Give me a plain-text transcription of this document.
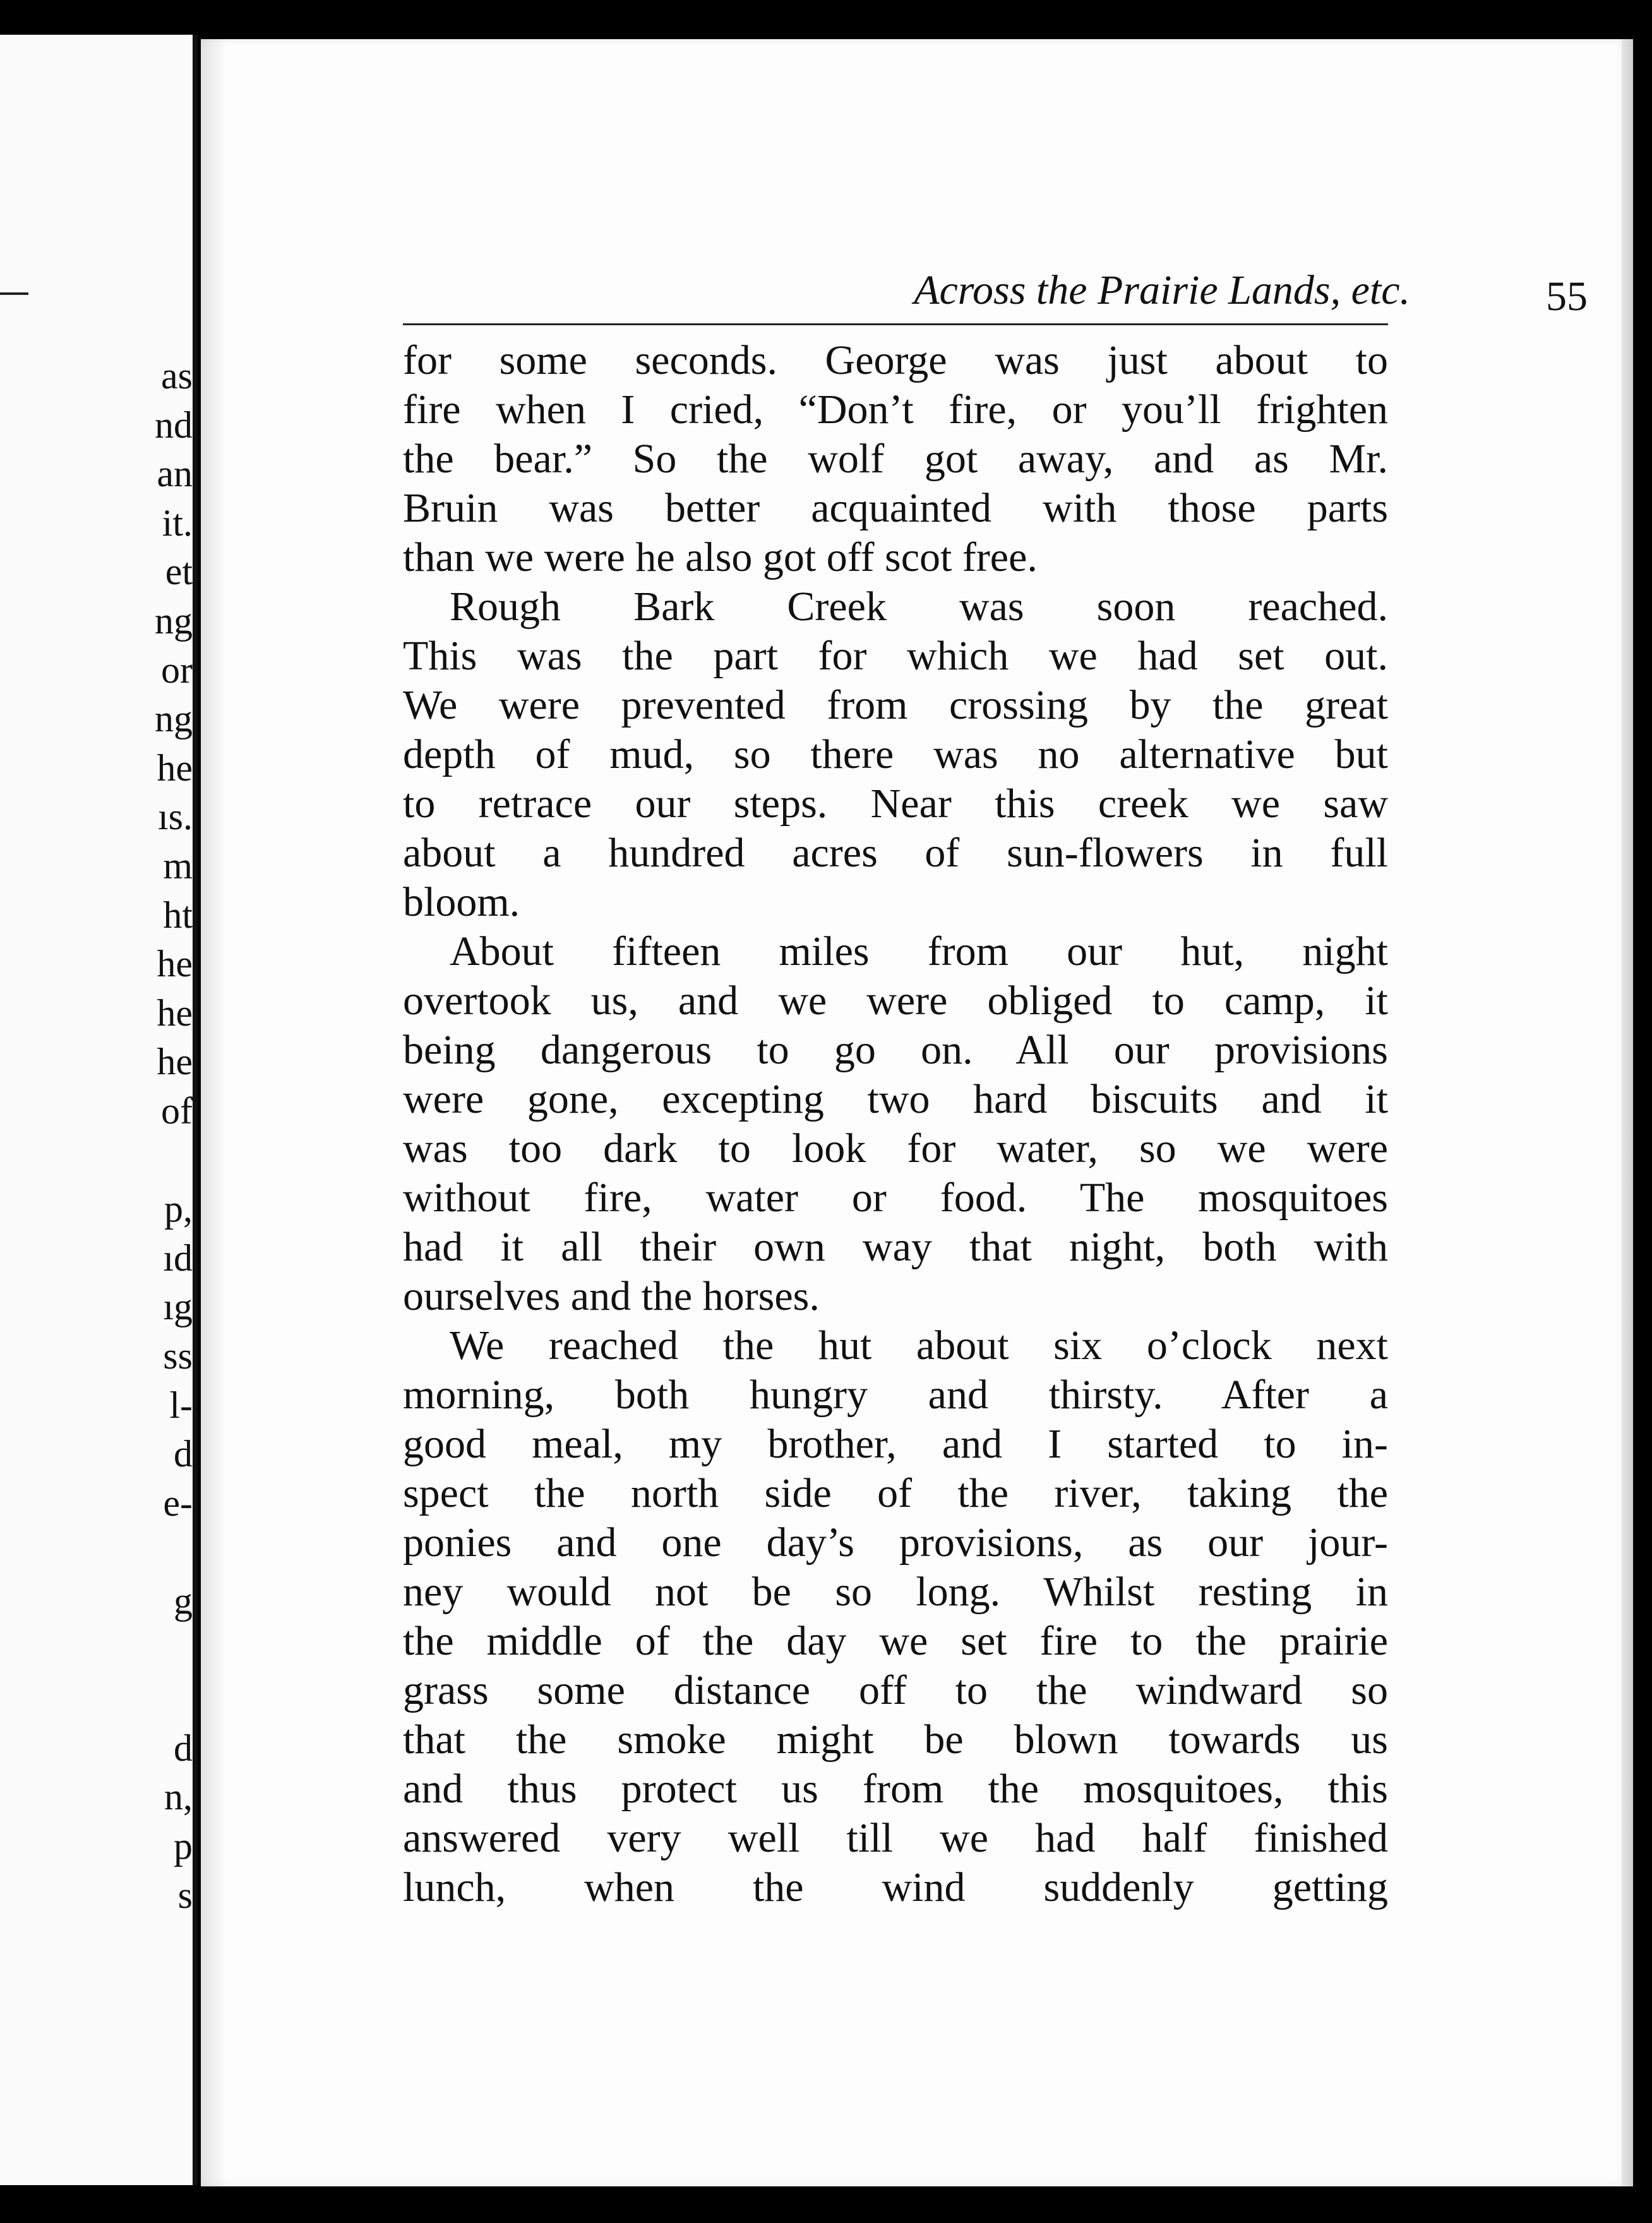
as
nd
an
it.
et
ng
or
ng
he
ıs.
m
ht
he
he
he
of
p,
ıd
ıg
ss
l-
d
e-
g
d
n,
p
s
Across the Prairie Lands, etc.	55
for some seconds. George was just about to
fire when I cried, “Don’t fire, or you’ll frighten
the bear.” So the wolf got away, and as Mr.
Bruin was better acquainted with those parts
than we were he also got off scot free.
Rough Bark Creek was soon reached.
This was the part for which we had set out.
We were prevented from crossing by the great
depth of mud, so there was no alternative but
to retrace our steps. Near this creek we saw
about a hundred acres of sun-flowers in full
bloom.
About fifteen miles from our hut, night
overtook us, and we were obliged to camp, it
being dangerous to go on. All our provisions
were gone, excepting two hard biscuits and it
was too dark to look for water, so we were
without fire, water or food. The mosquitoes
had it all their own way that night, both with
ourselves and the horses.
We reached the hut about six o’clock next
morning, both hungry and thirsty. After a
good meal, my brother, and I started to in-
spect the north side of the river, taking the
ponies and one day’s provisions, as our jour-
ney would not be so long. Whilst resting in
the middle of the day we set fire to the prairie
grass some distance off to the windward so
that the smoke might be blown towards us
and thus protect us from the mosquitoes, this
answered very well till we had half finished
lunch, when the wind suddenly getting
